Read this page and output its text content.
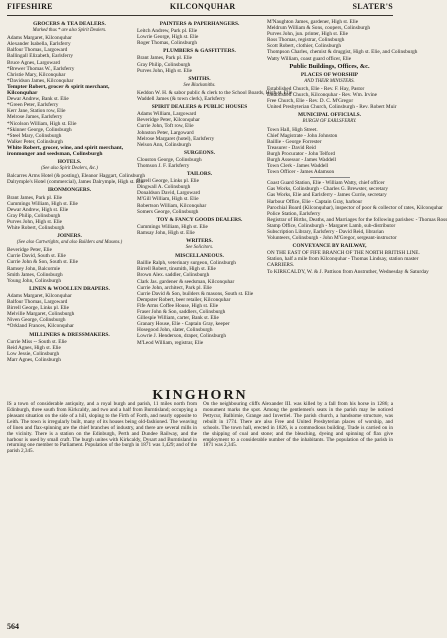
FIFESHIRE	KILCONQUHAR	SLATER'S
GROCERS & TEA DEALERS.
Marked thus * are also Spirit Dealers.
Adams Margaret, Kilconquhar
Alexander Isabella, Earlsferry
Balfour Thomas, Largoward
Ballingall Elizabeth, Earlsferry
Bruce Agnes, Largoward
*Brewer Thomas W., Earlsferry
Christie Mary, Kilconquhar
*Davidson James, Kilconquhar
Tempter Robert, grocer & spirit merchant, Kilconquhar
Dewar Andrew, Bank st. Elie
*Green Peter, Earlsferry
Kerr Jane, Station row, Elie
Melrose James, Earlsferry
*Nicolson William, High st. Elie
*Skinner George, Colinsburgh
*Steel Mary, Colinsburgh
Walker Peter, Colinsburgh
White Robert, grocer, wine, and spirit merchant, ironmonger and seedsman, Colinsburgh
HOTELS.
(See also Spirit Dealers, &c.)
Balcarres Arms Hotel (& posting), Eleanor Haggart, Colinsburgh
Dalrymple's Hotel (commercial), James Dalrymple, High st. Elie
IRONMONGERS.
Brant James, Park pl. Elie
Cummings William, High st. Elie
Dewar Andrew, High st. Elie
Gray Philip, Colinsburgh
Purves John, High st. Elie
White Robert, Colinsburgh
JOINERS.
(See also Cartwrights, and also Builders and Masons.)
Beveridge Peter, Elie
Currie David, South st. Elie
Currie John & Son, South st. Elie
Ramsey John, Balcormie
Smith James, Colinsburgh
Young John, Colinsburgh
LINEN & WOOLLEN DRAPERS.
Adams Margaret, Kilconquhar
Balfour Thomas, Largoward
Birrell George, Links pl. Elie
Melville Margaret, Colinsburgh
Niven George, Colinsburgh
*Orkland Frances, Kilconquhar
MILLINERS & DRESSMAKERS.
Currie Miss -- South st. Elie
Reid Agnes, High st. Elie
Low Jessie, Colinsburgh
Marr Agnes, Colinsburgh
PAINTERS & PAPERHANGERS.
Leitch Andrew, Park pl. Elie
Lowrie George, High st. Elie
Roger Thomas, Colinsburgh
PLUMBERS & GASFITTERS.
Brant James, Park pl. Elie
Gray Philip, Colinsburgh
Purves John, High st. Elie
SMITHS.
See Blacksmiths.
Keddon W. H. & sabor public & clerk to the School Boards, High st. Elie
Waddell James (& town clerk), Earlsferry
SPIRIT DEALERS & PUBLIC HOUSES
Adams William, Largoward
Beveridge Peter, Kilconquhar
Currie John, Toft row, Elie
Johnston Peter, Largoward
Melrose Margaret (hotel), Earlsferry
Nelson Ann, Colinsburgh
SURGEONS.
Clouston George, Colinsburgh
Thomson J. F. Earlsferry
TAILORS.
Birrell George, Links pl. Elie
Dingwall A. Colinsburgh
Donaldson David, Largoward
M'Gill William, High st. Elie
Robertson William, Kilconquhar
Somers George, Colinsburgh
TOY & FANCY GOODS DEALERS.
Cummings William, High st. Elie
Ramsay John, High st. Elie
WRITERS.
See Solicitors.
MISCELLANEOUS.
Baillie Ralph, veterinary surgeon, Colinsburgh
Birrell Robert, tinsmith, High st. Elie
Brown Alex. saddler, Colinsburgh
Clark Jas. gardener & seedsman, Kilconquhar
Currie John, architect, Park pl. Elie
Currie David & Son, builders & masons, South st. Elie
Dempster Robert, beer retailer, Kilconquhar
Fife Arms Coffee House, High st. Elie
Fraser John & Son, saddlers, Colinsburgh
Gillespie William, carter, Bank st. Elie
Granary House, Elie - Captain Gray, keeper
Hosegood John, slater, Colinsburgh
Lowrie J. Henderson, draper, Colinsburgh
M'Leod William, registrar, Elie
M'Naughton James, gardener, High st. Elie
Meldrum William & Sons, coopers, Colinsburgh
Purves John, jun. printer, High st. Elie
Ross Thomas, registrar, Colinsburgh
Scott Robert, clothier, Colinsburgh
Thompson Charles, chemist & druggist, High st. Elie, and Colinsburgh
Watty William, coast guard officer, Elie
Public Buildings, Offices, &c.
PLACES OF WORSHIP
AND THEIR MINISTERS.
Established Church, Elie - Rev. F. Hay, Pastor
Established Church, Kilconquhar - Rev. Wm. Irvine
Free Church, Elie - Rev. D. C. M'Gregor
United Presbyterian Church, Colinsburgh - Rev. Robert Muir
MUNICIPAL OFFICIALS.
BURGH OF EARLSFERRY.
Town Hall, High Street.
Chief Magistrate - John Johnston
Baillie - George Forrester
Treasurer - David Reid
Burgh Procurator - John Telford
Burgh Assessor - James Waddell
Town Clerk - James Waddell
Town Officer - James Adamson
Coast Guard Station, Elie - William Watty, chief officer
Gas Works, Colinsburgh - Charles G. Brewster, secretary
Gas Works, Elie and Earlsferry - James Currie, secretary
Harbour Office, Elie - Captain Gray, harbour
Parochial Board (Kilconquhar), inspector of poor & collector of rates, Kilconquhar
Police Station, Earlsferry
Registrar of Births, Deaths, and Marriages for the following parishes: - Thomas Ross
Stamp Office, Colinsburgh - Margaret Lamb, sub-distributor
Subscription Library, Earlsferry - David Reid, librarian
Volunteers, Colinsburgh - John M'Gregor, sergeant-instructor
CONVEYANCE BY RAILWAY,
ON THE EAST OF FIFE BRANCH OF THE NORTH BRITISH LINE.
Station, half a mile from Kilconquhar - Thomas Lindsay, station master
CARRIERS.
To KIRKCALDY, W. & J. Pattison from Anstruther, Wednesday & Saturday
KINGHORN

IS a town of considerable antiquity, and a royal burgh and parish, 11 miles north from Edinburgh, three south from Kirkcaldy, and two and a half from Burntisland; occupying a pleasant situation on the side of a hill, sloping to the Firth of Forth, and nearly opposite to Leith. The town is irregularly built, many of its houses being old-fashioned. The weaving of linen and flax-spinning are the chief branches of industry, and there are several mills in the vicinity. There is a station on the Edinburgh, Perth and Dundee Railway, and the harbour is used by small craft. The burgh unites with Kirkcaldy, Dysart and Burntisland in returning one member to Parliament. Population of the burgh in 1871 was 1,429; and of the parish 2,345.

On the neighbouring cliffs Alexander III. was killed by a fall from his horse in 1286; a monument marks the spot. Among the gentlemen's seats in the parish may be noticed Pettycur, Balbirnie, Grange and Invertiel. The parish church, a handsome structure, was rebuilt in 1774. There are also Free and United Presbyterian places of worship, and schools. The town hall, erected in 1826, is a commodious building. Trade is carried on in the shipping of coal and stone; and the bleaching, dyeing and spinning of flax give employment to a considerable number of the inhabitants. The population of the parish in 1871 was 2,345.

564
